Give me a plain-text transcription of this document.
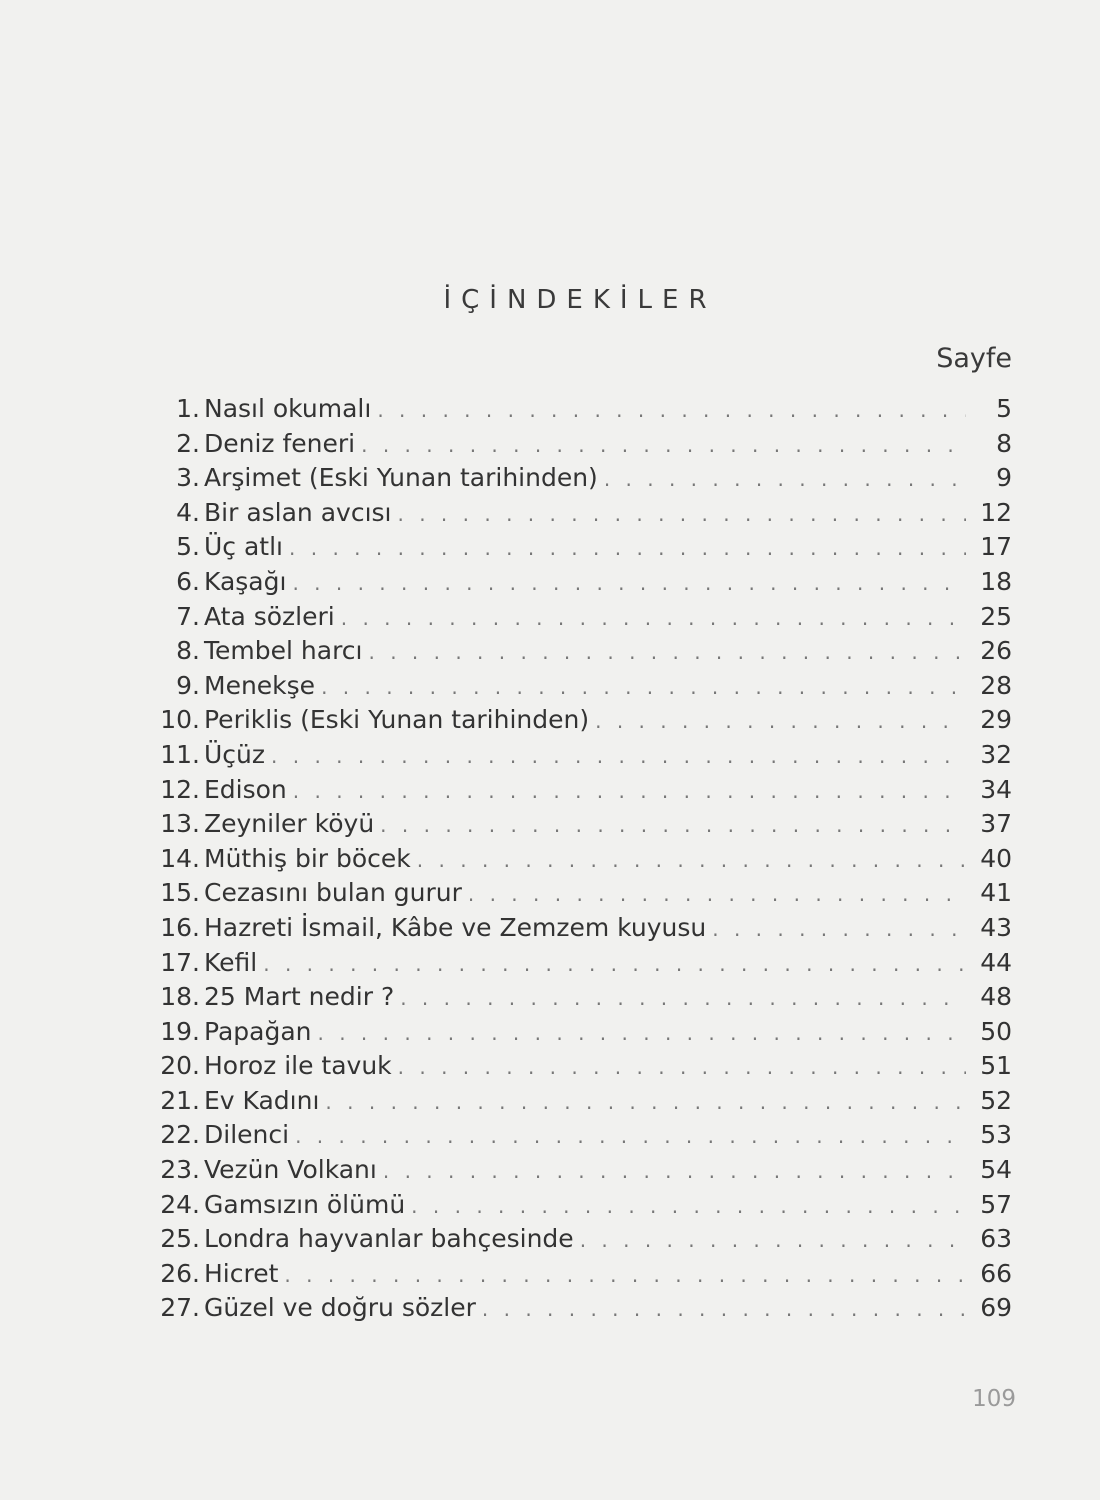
İÇİNDEKİLER
Sayfe
1. Nasıl okumalı . . .	5
2. Deniz feneri . . .	8
3. Arşimet (Eski Yunan tarihinden) . . .	9
4. Bir aslan avcısı . . .	12
5. Üç atlı . . .	17
6. Kaşağı . . .	18
7. Ata sözleri . . .	25
8. Tembel harcı . . .	26
9. Menekşe . . .	28
10. Periklis (Eski Yunan tarihinden) . . .	29
11. Üçüz . . .	32
12. Edison . . .	34
13. Zeyniler köyü . . .	37
14. Müthiş bir böcek . . .	40
15. Cezasını bulan gurur . . .	41
16. Hazreti İsmail, Kâbe ve Zemzem kuyusu . . .	43
17. Kefil . . .	44
18. 25 Mart nedir ? . . .	48
19. Papağan . . .	50
20. Horoz ile tavuk . . .	51
21. Ev Kadını . . .	52
22. Dilenci . . .	53
23. Vezün Volkanı . . .	54
24. Gamsızın ölümü . . .	57
25. Londra hayvanlar bahçesinde . . .	63
26. Hicret . . .	66
27. Güzel ve doğru sözler . . .	69
109
